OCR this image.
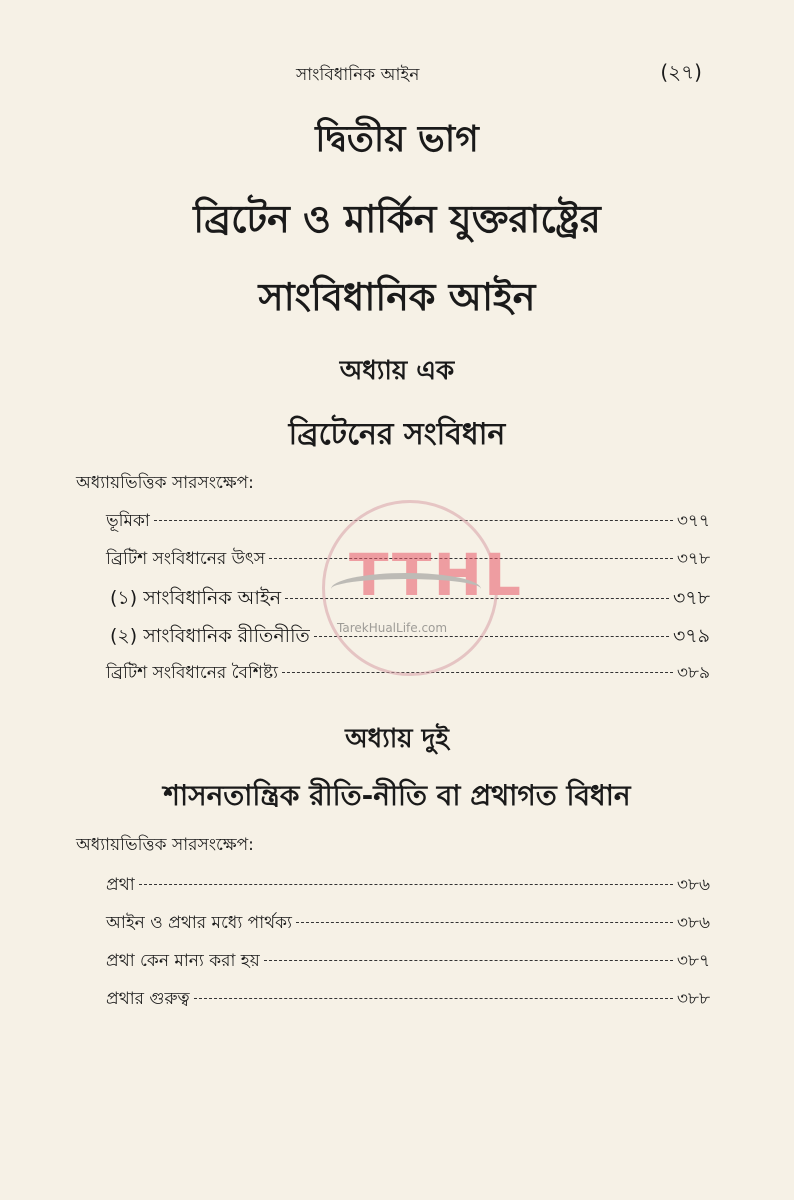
সাংবিধানিক আইন	(২৭)
দ্বিতীয় ভাগ
ব্রিটেন ও মার্কিন যুক্তরাষ্ট্রের
সাংবিধানিক আইন
অধ্যায় এক
ব্রিটেনের সংবিধান
অধ্যায়ভিত্তিক সারসংক্ষেপ:
ভূমিকা	৩৭৭
ব্রিটিশ সংবিধানের উৎস	৩৭৮
(১) সাংবিধানিক আইন	৩৭৮
(২) সাংবিধানিক রীতিনীতি	৩৭৯
ব্রিটিশ সংবিধানের বৈশিষ্ট্য	৩৮৯
অধ্যায় দুই
শাসনতান্ত্রিক রীতি-নীতি বা প্রথাগত বিধান
অধ্যায়ভিত্তিক সারসংক্ষেপ:
প্রথা	৩৮৬
আইন ও প্রথার মধ্যে পার্থক্য	৩৮৬
প্রথা কেন মান্য করা হয়	৩৮৭
প্রথার গুরুত্ব	৩৮৮
TTHL
TarekHualLife.com
